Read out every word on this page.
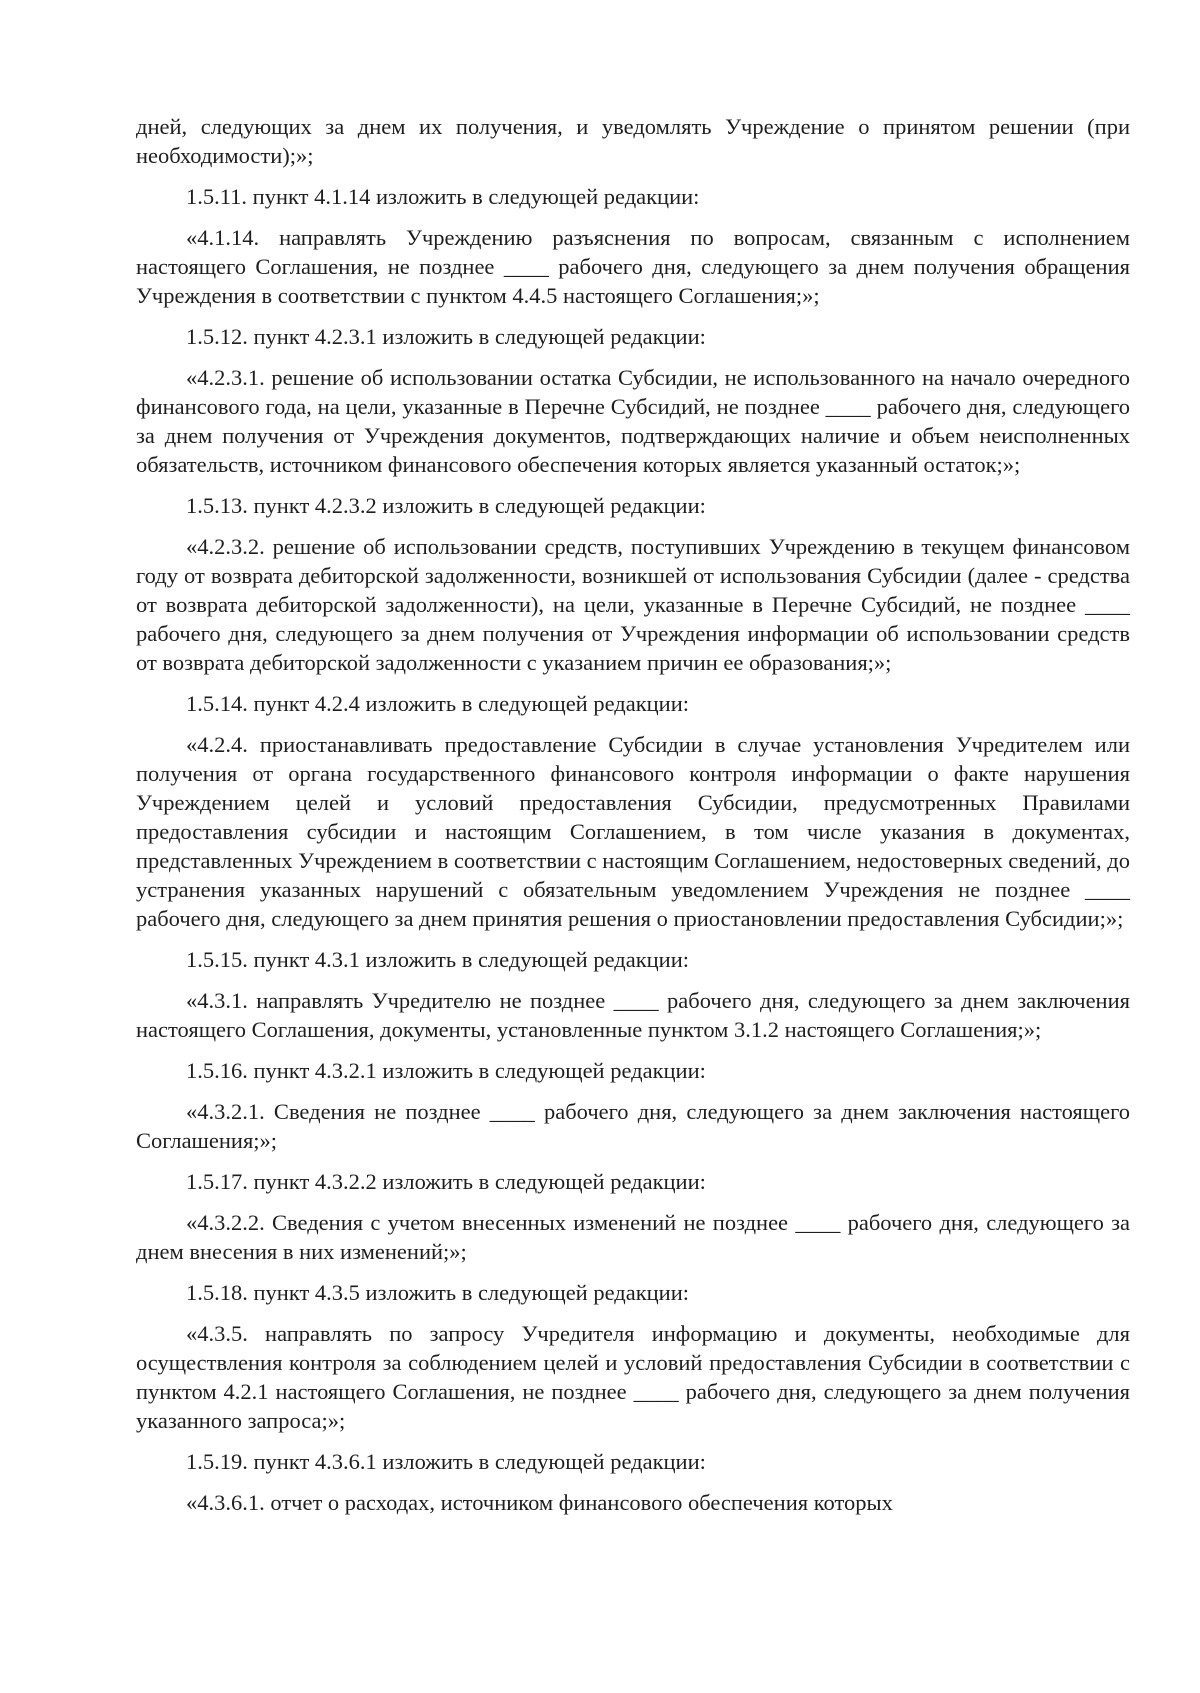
дней, следующих за днем их получения, и уведомлять Учреждение о принятом решении (при необходимости);»;

1.5.11. пункт 4.1.14 изложить в следующей редакции:

«4.1.14. направлять Учреждению разъяснения по вопросам, связанным с исполнением настоящего Соглашения, не позднее ____ рабочего дня, следующего за днем получения обращения Учреждения в соответствии с пунктом 4.4.5 настоящего Соглашения;»;

1.5.12. пункт 4.2.3.1 изложить в следующей редакции:

«4.2.3.1. решение об использовании остатка Субсидии, не использованного на начало очередного финансового года, на цели, указанные в Перечне Субсидий, не позднее ____ рабочего дня, следующего за днем получения от Учреждения документов, подтверждающих наличие и объем неисполненных обязательств, источником финансового обеспечения которых является указанный остаток;»;

1.5.13. пункт 4.2.3.2 изложить в следующей редакции:

«4.2.3.2. решение об использовании средств, поступивших Учреждению в текущем финансовом году от возврата дебиторской задолженности, возникшей от использования Субсидии (далее - средства от возврата дебиторской задолженности), на цели, указанные в Перечне Субсидий, не позднее ____ рабочего дня, следующего за днем получения от Учреждения информации об использовании средств от возврата дебиторской задолженности с указанием причин ее образования;»;

1.5.14. пункт 4.2.4 изложить в следующей редакции:

«4.2.4. приостанавливать предоставление Субсидии в случае установления Учредителем или получения от органа государственного финансового контроля информации о факте нарушения Учреждением целей и условий предоставления Субсидии, предусмотренных Правилами предоставления субсидии и настоящим Соглашением, в том числе указания в документах, представленных Учреждением в соответствии с настоящим Соглашением, недостоверных сведений, до устранения указанных нарушений с обязательным уведомлением Учреждения не позднее ____ рабочего дня, следующего за днем принятия решения о приостановлении предоставления Субсидии;»;

1.5.15. пункт 4.3.1 изложить в следующей редакции:

«4.3.1. направлять Учредителю не позднее ____ рабочего дня, следующего за днем заключения настоящего Соглашения, документы, установленные пунктом 3.1.2 настоящего Соглашения;»;

1.5.16. пункт 4.3.2.1 изложить в следующей редакции:

«4.3.2.1. Сведения не позднее ____ рабочего дня, следующего за днем заключения настоящего Соглашения;»;

1.5.17. пункт 4.3.2.2 изложить в следующей редакции:

«4.3.2.2. Сведения с учетом внесенных изменений не позднее ____ рабочего дня, следующего за днем внесения в них изменений;»;

1.5.18. пункт 4.3.5 изложить в следующей редакции:

«4.3.5. направлять по запросу Учредителя информацию и документы, необходимые для осуществления контроля за соблюдением целей и условий предоставления Субсидии в соответствии с пунктом 4.2.1 настоящего Соглашения, не позднее ____ рабочего дня, следующего за днем получения указанного запроса;»;

1.5.19. пункт 4.3.6.1 изложить в следующей редакции:

«4.3.6.1. отчет о расходах, источником финансового обеспечения которых
